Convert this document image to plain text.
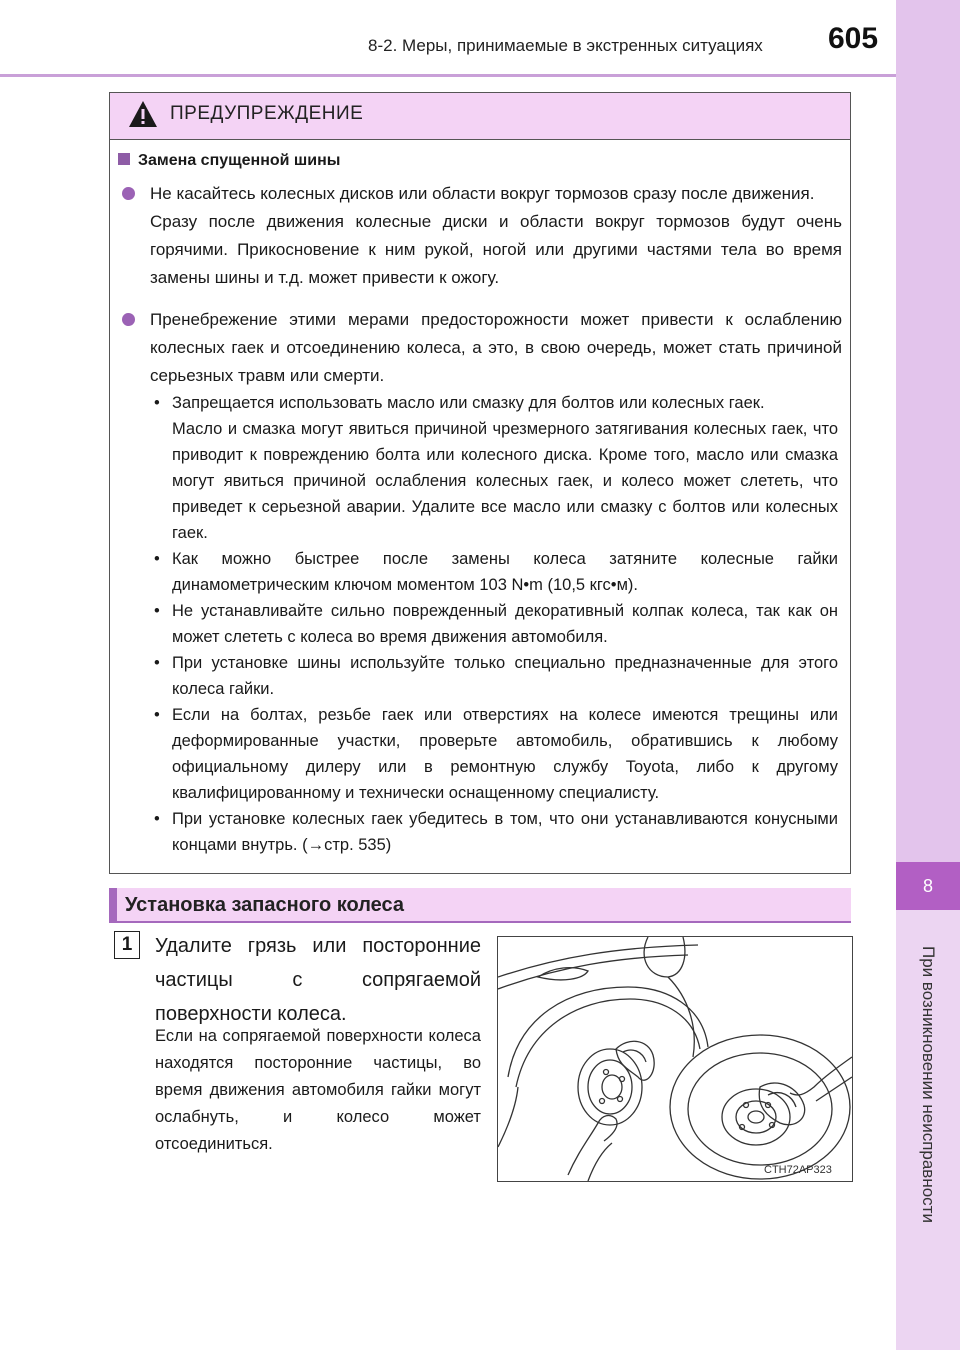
8-2. Меры, принимаемые в экстренных ситуациях 605
8
При возникновении неисправности
ПРЕДУПРЕЖДЕНИЕ
Замена спущенной шины

Не касайтесь колесных дисков или области вокруг тормозов сразу после движения.

Сразу после движения колесные диски и области вокруг тормозов будут очень горячими. Прикосновение к ним рукой, ногой или другими частями тела во время замены шины и т.д. может привести к ожогу.

Пренебрежение этими мерами предосторожности может привести к ослаблению колесных гаек и отсоединению колеса, а это, в свою очередь, может стать причиной серьезных травм или смерти.

• Запрещается использовать масло или смазку для болтов или колесных гаек.

Масло и смазка могут явиться причиной чрезмерного затягивания колесных гаек, что приводит к повреждению болта или колесного диска. Кроме того, масло или смазка могут явиться причиной ослабления колесных гаек, и колесо может слететь, что приведет к серьезной аварии. Удалите все масло или смазку с болтов или колесных гаек.

• Как можно быстрее после замены колеса затяните колесные гайки динамометрическим ключом моментом 103 N•m (10,5 кгс•м).

• Не устанавливайте сильно поврежденный декоративный колпак колеса, так как он может слететь с колеса во время движения автомобиля.

• При установке шины используйте только специально предназначенные для этого колеса гайки.

• Если на болтах, резьбе гаек или отверстиях на колесе имеются трещины или деформированные участки, проверьте автомобиль, обратившись к любому официальному дилеру или в ремонтную службу Toyota, либо к другому квалифицированному и технически оснащенному специалисту.

• При установке колесных гаек убедитесь в том, что они устанавливаются конусными концами внутрь. (→стр. 535)

Установка запасного колеса
1	Удалите грязь или посторонние частицы с сопрягаемой поверхности колеса.
Если на сопрягаемой поверхности колеса находятся посторонние частицы, во время движения автомобиля гайки могут ослабнуть, и колесо может отсоединиться.
CTH72AP323
